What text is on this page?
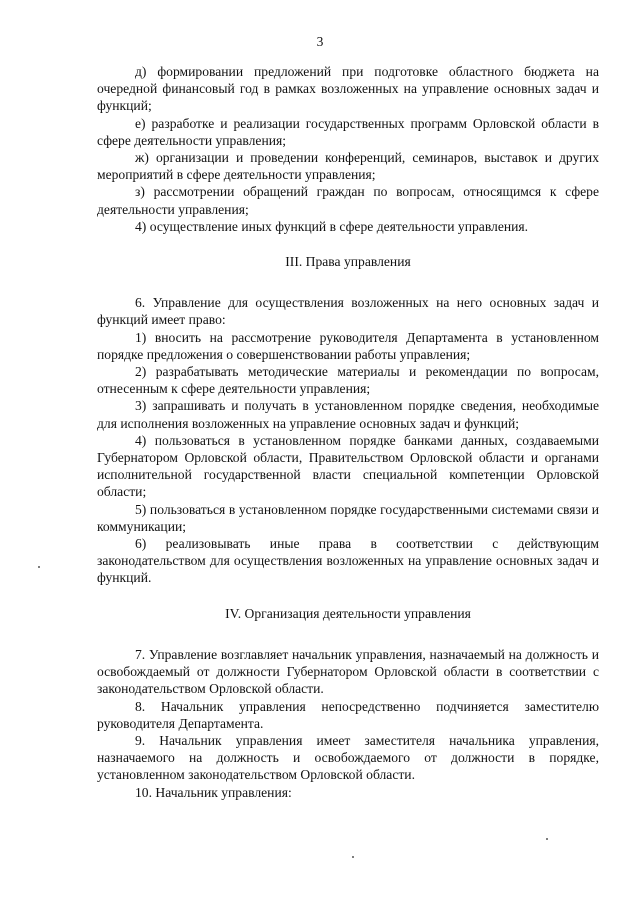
3

д) формировании предложений при подготовке областного бюджета на очередной финансовый год в рамках возложенных на управление основных задач и функций;

е) разработке и реализации государственных программ Орловской области в сфере деятельности управления;

ж) организации и проведении конференций, семинаров, выставок и других мероприятий в сфере деятельности управления;

з) рассмотрении обращений граждан по вопросам, относящимся к сфере деятельности управления;

4) осуществление иных функций в сфере деятельности управления.

III. Права управления

6. Управление для осуществления возложенных на него основных задач и функций имеет право:

1) вносить на рассмотрение руководителя Департамента в установленном порядке предложения о совершенствовании работы управления;

2) разрабатывать методические материалы и рекомендации по вопросам, отнесенным к сфере деятельности управления;

3) запрашивать и получать в установленном порядке сведения, необходимые для исполнения возложенных на управление основных задач и функций;

4) пользоваться в установленном порядке банками данных, создаваемыми Губернатором Орловской области, Правительством Орловской области и органами исполнительной государственной власти специальной компетенции Орловской области;

5) пользоваться в установленном порядке государственными системами связи и коммуникации;

6) реализовывать иные права в соответствии с действующим законодательством для осуществления возложенных на управление основных задач и функций.

IV. Организация деятельности управления

7. Управление возглавляет начальник управления, назначаемый на должность и освобождаемый от должности Губернатором Орловской области в соответствии с законодательством Орловской области.

8. Начальник управления непосредственно подчиняется заместителю руководителя Департамента.

9. Начальник управления имеет заместителя начальника управления, назначаемого на должность и освобождаемого от должности в порядке, установленном законодательством Орловской области.

10. Начальник управления:
